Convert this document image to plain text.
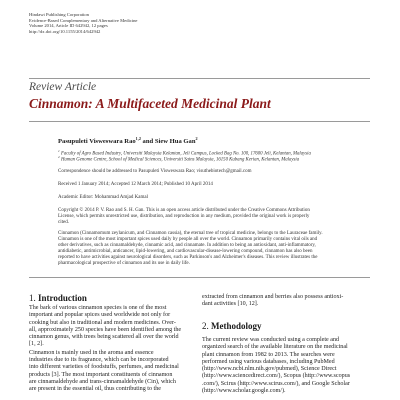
Hindawi Publishing Corporation
Evidence-Based Complementary and Alternative Medicine
Volume 2014, Article ID 642942, 12 pages
http://dx.doi.org/10.1155/2014/642942
Review Article
Cinnamon: A Multifaceted Medicinal Plant
Pasupuleti Visweswara Rao$^{1,2}$ and Siew Hua Gan$^2$
$^1$ Faculty of Agro Based Industry, Universiti Malaysia Kelantan, Jeli Campus, Locked Bag No. 100, 17600 Jeli, Kelantan, Malaysia
$^2$ Human Genome Centre, School of Medical Sciences, Universiti Sains Malaysia, 16150 Kubang Kerian, Kelantan, Malaysia
Correspondence should be addressed to Pasupuleti Visweswara Rao; visuthebiotech@gmail.com
Received 1 January 2014; Accepted 12 March 2014; Published 10 April 2014
Academic Editor: Mohammad Amjad Kamal
Copyright © 2014 P. V. Rao and S. H. Gan. This is an open access article distributed under the Creative Commons Attribution
License, which permits unrestricted use, distribution, and reproduction in any medium, provided the original work is properly
cited.
Cinnamon (Cinnamomum zeylanicum, and Cinnamon cassia), the eternal tree of tropical medicine, belongs to the Lauraceae family.
Cinnamon is one of the most important spices used daily by people all over the world. Cinnamon primarily contains vital oils and
other derivatives, such as cinnamaldehyde, cinnamic acid, and cinnamate. In addition to being an antioxidant, anti-inflammatory,
antidiabetic, antimicrobial, anticancer, lipid-lowering, and cardiovascular-disease-lowering compound, cinnamon has also been
reported to have activities against neurological disorders, such as Parkinson's and Alzheimer's diseases. This review illustrates the
pharmacological prospective of cinnamon and its use in daily life.
1. Introduction
The bark of various cinnamon species is one of the most
important and popular spices used worldwide not only for
cooking but also in traditional and modern medicines. Over-
all, approximately 250 species have been identified among the
cinnamon genus, with trees being scattered all over the world
[1, 2].
Cinnamon is mainly used in the aroma and essence
industries due to its fragrance, which can be incorporated
into different varieties of foodstuffs, perfumes, and medicinal
products [3]. The most important constituents of cinnamon
are cinnamaldehyde and trans-cinnamaldehyde (Cin), which
are present in the essential oil, thus contributing to the
extracted from cinnamon and berries also possess antioxi-
dant activities [10, 12].
2. Methodology
The current review was conducted using a complete and
organized search of the available literature on the medicinal
plant cinnamon from 1982 to 2013. The searches were
performed using various databases, including PubMed
(http://www.ncbi.nlm.nih.gov/pubmed), Science Direct
(http://www.sciencedirect.com/), Scopus (http://www.scopus
.com/), Scirus (http://www.scirus.com/), and Google Scholar
(http://www.scholar.google.com/).
